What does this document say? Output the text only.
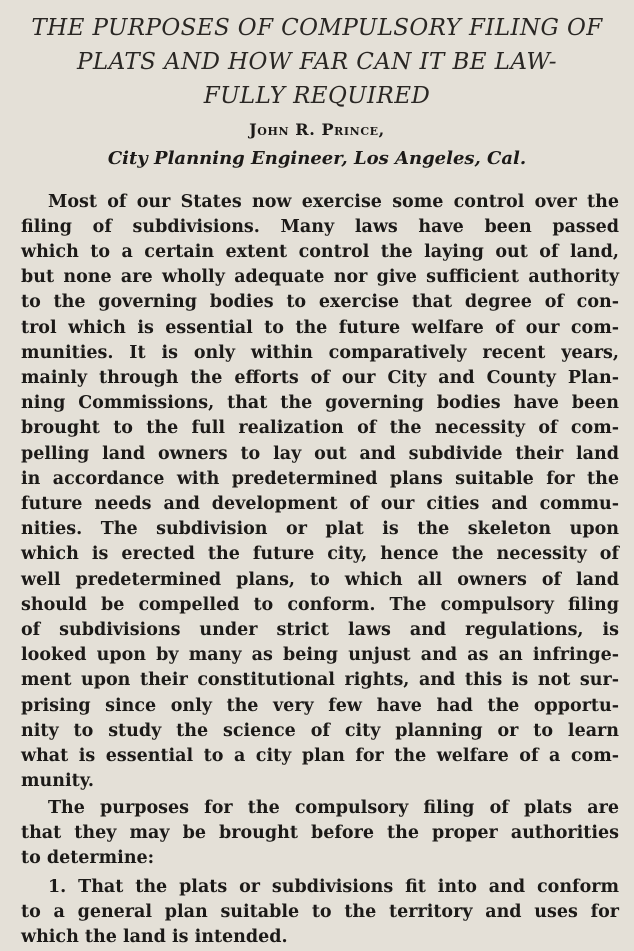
THE PURPOSES OF COMPULSORY FILING OF
PLATS AND HOW FAR CAN IT BE LAW-
FULLY REQUIRED
John R. Prince,
City Planning Engineer, Los Angeles, Cal.
Most of our States now exercise some control over the
filing of subdivisions. Many laws have been passed
which to a certain extent control the laying out of land,
but none are wholly adequate nor give sufficient authority
to the governing bodies to exercise that degree of con-
trol which is essential to the future welfare of our com-
munities. It is only within comparatively recent years,
mainly through the efforts of our City and County Plan-
ning Commissions, that the governing bodies have been
brought to the full realization of the necessity of com-
pelling land owners to lay out and subdivide their land
in accordance with predetermined plans suitable for the
future needs and development of our cities and commu-
nities. The subdivision or plat is the skeleton upon
which is erected the future city, hence the necessity of
well predetermined plans, to which all owners of land
should be compelled to conform. The compulsory filing
of subdivisions under strict laws and regulations, is
looked upon by many as being unjust and as an infringe-
ment upon their constitutional rights, and this is not sur-
prising since only the very few have had the opportu-
nity to study the science of city planning or to learn
what is essential to a city plan for the welfare of a com-
munity.
The purposes for the compulsory filing of plats are
that they may be brought before the proper authorities
to determine:
1. That the plats or subdivisions fit into and conform
to a general plan suitable to the territory and uses for
which the land is intended.
